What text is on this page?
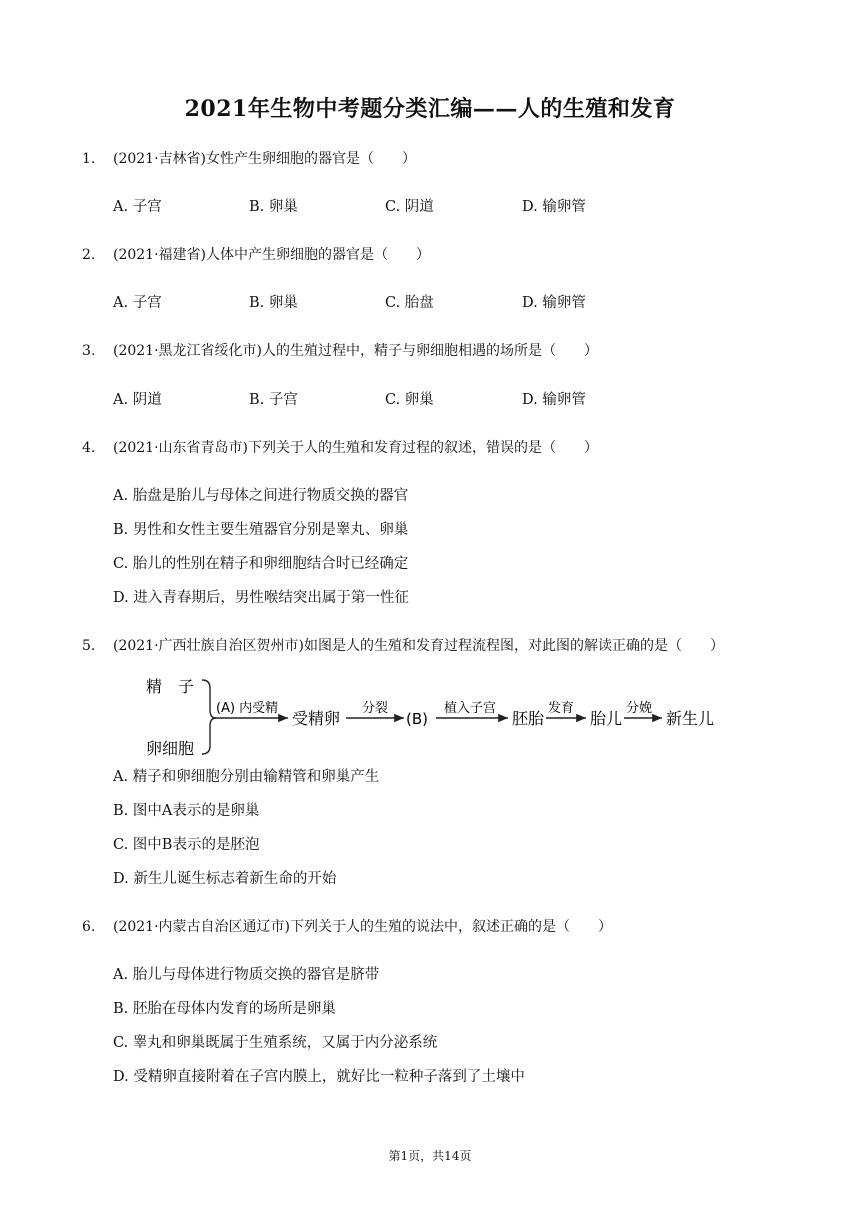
2021年生物中考题分类汇编——人的生殖和发育
1. (2021·吉林省)女性产生卵细胞的器官是（　　）
A. 子宫	B. 卵巢	C. 阴道	D. 输卵管
2. (2021·福建省)人体中产生卵细胞的器官是（　　）
A. 子宫	B. 卵巢	C. 胎盘	D. 输卵管
3. (2021·黑龙江省绥化市)人的生殖过程中，精子与卵细胞相遇的场所是（　　）
A. 阴道	B. 子宫	C. 卵巢	D. 输卵管
4. (2021·山东省青岛市)下列关于人的生殖和发育过程的叙述，错误的是（　　）
A. 胎盘是胎儿与母体之间进行物质交换的器官
B. 男性和女性主要生殖器官分别是睾丸、卵巢
C. 胎儿的性别在精子和卵细胞结合时已经确定
D. 进入青春期后，男性喉结突出属于第一性征
5. (2021·广西壮族自治区贺州市)如图是人的生殖和发育过程流程图，对此图的解读正确的是（　　）
精　子
卵细胞
(A) 内受精
受精卵
分裂
(B)
植入子宫
胚胎
发育
胎儿
分娩
新生儿
A. 精子和卵细胞分别由输精管和卵巢产生
B. 图中A表示的是卵巢
C. 图中B表示的是胚泡
D. 新生儿诞生标志着新生命的开始
6. (2021·内蒙古自治区通辽市)下列关于人的生殖的说法中，叙述正确的是（　　）
A. 胎儿与母体进行物质交换的器官是脐带
B. 胚胎在母体内发育的场所是卵巢
C. 睾丸和卵巢既属于生殖系统，又属于内分泌系统
D. 受精卵直接附着在子宫内膜上，就好比一粒种子落到了土壤中
第1页，共14页
